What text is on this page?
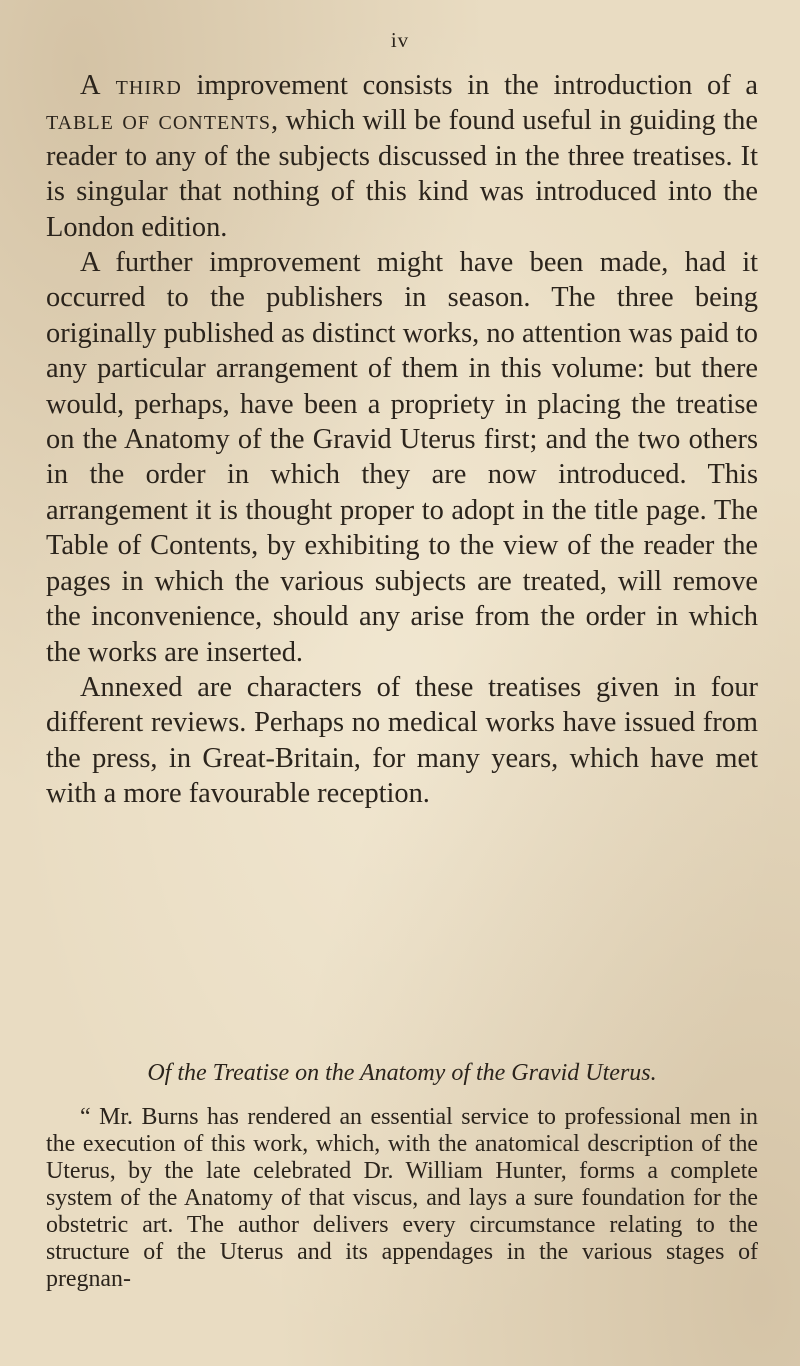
iv

A third improvement consists in the introduction of a table of contents, which will be found useful in guiding the reader to any of the subjects discussed in the three treatises. It is singular that nothing of this kind was introduced into the London edition.

A further improvement might have been made, had it occurred to the publishers in season. The three being originally published as distinct works, no attention was paid to any particular arrangement of them in this volume: but there would, perhaps, have been a propriety in placing the treatise on the Anatomy of the Gravid Uterus first; and the two others in the order in which they are now introduced. This arrangement it is thought proper to adopt in the title page. The Table of Contents, by exhibiting to the view of the reader the pages in which the various subjects are treated, will remove the inconvenience, should any arise from the order in which the works are inserted.

Annexed are characters of these treatises given in four different reviews. Perhaps no medical works have issued from the press, in Great-Britain, for many years, which have met with a more favourable reception.

Of the Treatise on the Anatomy of the Gravid Uterus.

“ Mr. Burns has rendered an essential service to professional men in the execution of this work, which, with the anatomical description of the Uterus, by the late celebrated Dr. William Hunter, forms a complete system of the Anatomy of that viscus, and lays a sure foundation for the obstetric art. The author delivers every circumstance relating to the structure of the Uterus and its appendages in the various stages of pregnan-
